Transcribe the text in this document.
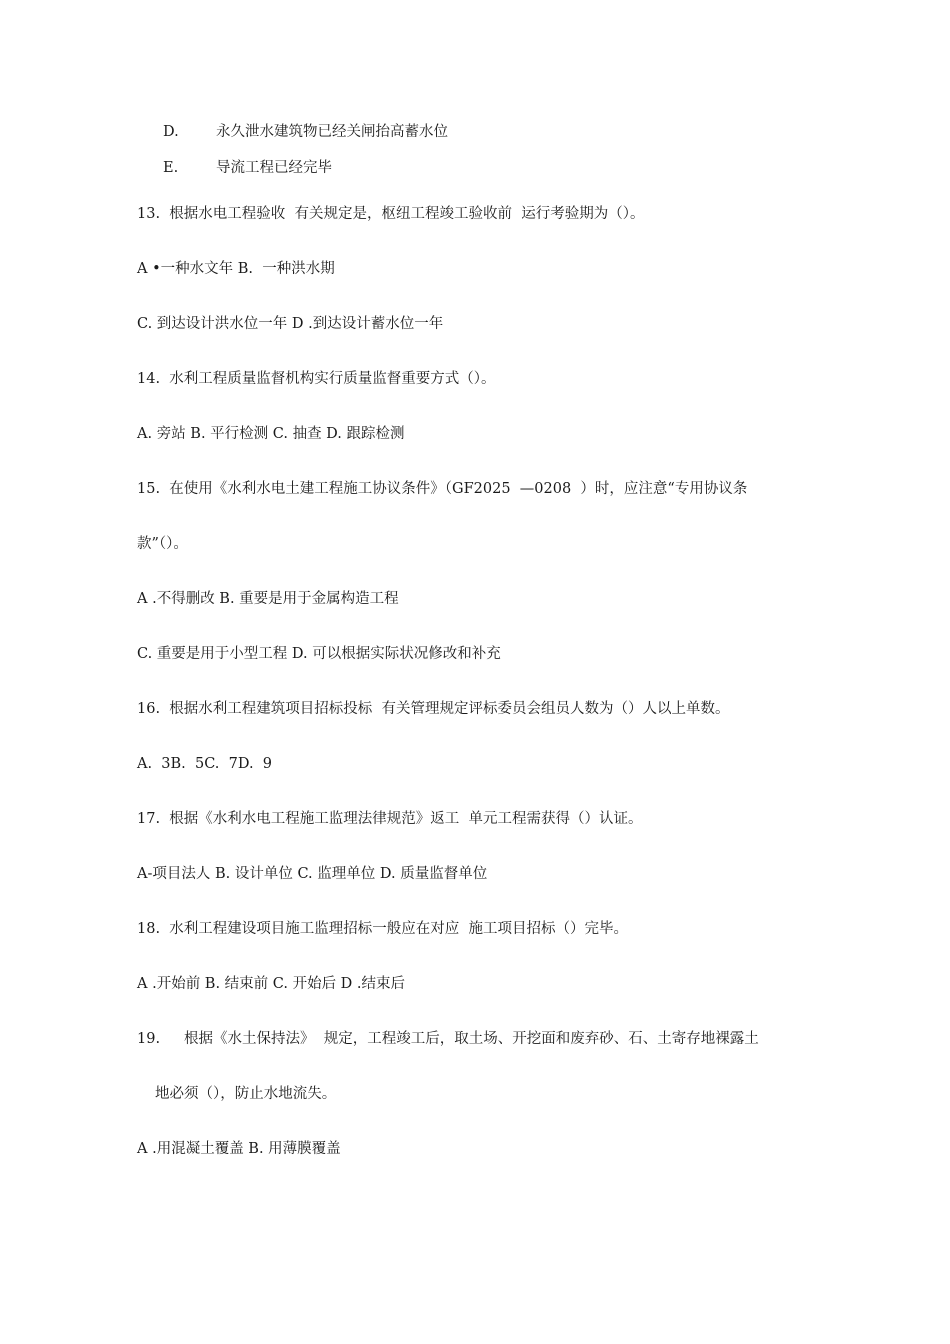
D.	永久泄水建筑物已经关闸抬高蓄水位
E.	导流工程已经完毕
13.  根据水电工程验收  有关规定是，枢纽工程竣工验收前  运行考验期为（）。
A •一种水文年 B.  一种洪水期
C. 到达设计洪水位一年 D .到达设计蓄水位一年
14.  水利工程质量监督机构实行质量监督重要方式（）。
A. 旁站 B. 平行检测 C. 抽查 D. 跟踪检测
15.  在使用《水利水电土建工程施工协议条件》（GF2025  —0208  ）时，应注意“专用协议条
款”（）。
A .不得删改 B. 重要是用于金属构造工程
C. 重要是用于小型工程 D. 可以根据实际状况修改和补充
16.  根据水利工程建筑项目招标投标  有关管理规定评标委员会组员人数为（）人以上单数。
A.  3B.  5C.  7D.  9
17.  根据《水利水电工程施工监理法律规范》返工  单元工程需获得（）认证。
A-项目法人 B. 设计单位 C. 监理单位 D. 质量监督单位
18.  水利工程建设项目施工监理招标一般应在对应  施工项目招标（）完毕。
A .开始前 B. 结束前 C. 开始后 D .结束后
19. 根据《水土保持法》  规定，工程竣工后，取土场、开挖面和废弃砂、石、土寄存地裸露土
地必须（），防止水地流失。
A .用混凝土覆盖 B. 用薄膜覆盖
